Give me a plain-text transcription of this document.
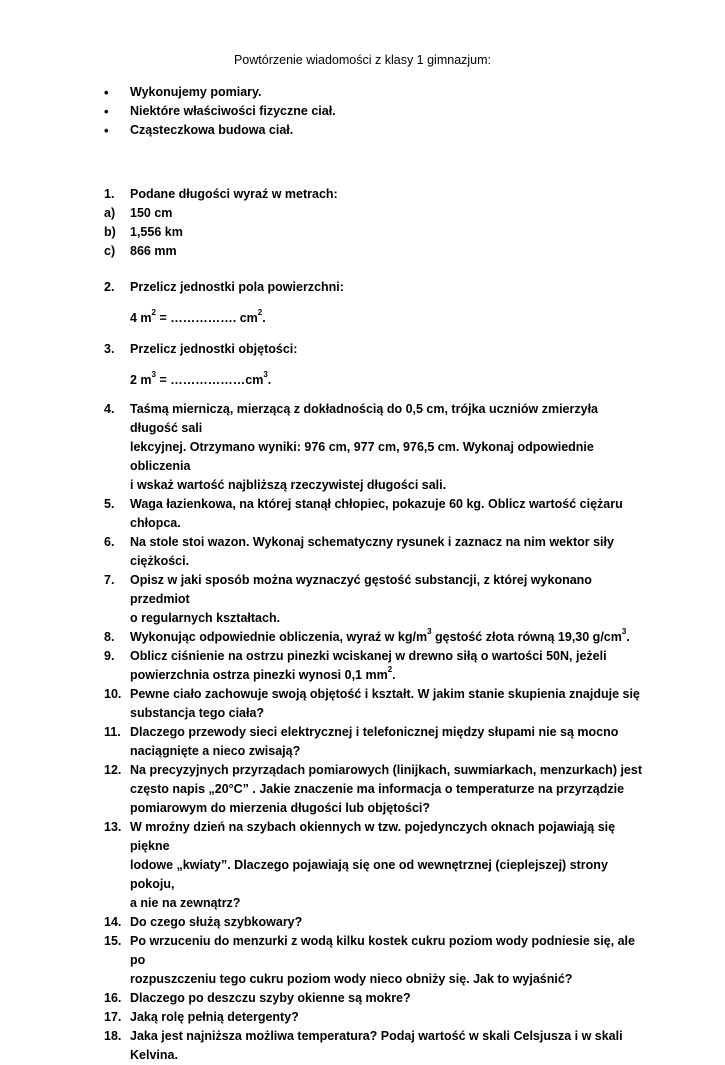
Powtórzenie wiadomości z klasy 1 gimnazjum:
•	Wykonujemy pomiary.
•	Niektóre właściwości fizyczne ciał.
•	Cząsteczkowa budowa ciał.
1.	Podane długości wyraź w metrach:
a)	150 cm
b)	1,556 km
c)	866 mm
2.	Przelicz jednostki pola powierzchni:
4 $m^2$ = ……………. $cm^2$.
3.	Przelicz jednostki objętości:
2 $m^3$ = $\dots\dots\dots\dots\dots\dots cm^3$.
4.	Taśmą mierniczą, mierzącą z dokładnością do 0,5 cm, trójka uczniów zmierzyła długość sali
lekcyjnej. Otrzymano wyniki: 976 cm, 977 cm, 976,5 cm. Wykonaj odpowiednie obliczenia
i wskaż wartość najbliższą rzeczywistej długości sali.
5.	Waga łazienkowa, na której stanął chłopiec, pokazuje 60 kg. Oblicz wartość ciężaru
chłopca.
6.	Na stole stoi wazon. Wykonaj schematyczny rysunek i zaznacz na nim wektor siły ciężkości.
7.	Opisz w jaki sposób można wyznaczyć gęstość substancji, z której wykonano przedmiot
o regularnych kształtach.
8.	Wykonując odpowiednie obliczenia, wyraź w $kg/m^3$ gęstość złota równą 19,30 $g/cm^3$.
9.	Oblicz ciśnienie na ostrzu pinezki wciskanej w drewno siłą o wartości 50N, jeżeli
powierzchnia ostrza pinezki wynosi 0,1 $mm^2$.
10. Pewne ciało zachowuje swoją objętość i kształt. W jakim stanie skupienia znajduje się
substancja tego ciała?
11. Dlaczego przewody sieci elektrycznej i telefonicznej między słupami nie są mocno
naciągnięte a nieco zwisają?
12. Na precyzyjnych przyrządach pomiarowych (linijkach, suwmiarkach, menzurkach) jest
często napis „20°C” . Jakie znaczenie ma informacja o temperaturze na przyrządzie
pomiarowym do mierzenia długości lub objętości?
13. W mroźny dzień na szybach okiennych w tzw. pojedynczych oknach pojawiają się piękne
lodowe „kwiaty”. Dlaczego pojawiają się one od wewnętrznej (cieplejszej) strony pokoju,
a nie na zewnątrz?
14. Do czego służą szybkowary?
15. Po wrzuceniu do menzurki z wodą kilku kostek cukru poziom wody podniesie się, ale po
rozpuszczeniu tego cukru poziom wody nieco obniży się. Jak to wyjaśnić?
16. Dlaczego po deszczu szyby okienne są mokre?
17. Jaką rolę pełnią detergenty?
18. Jaka jest najniższa możliwa temperatura? Podaj wartość w skali Celsjusza i w skali Kelvina.
